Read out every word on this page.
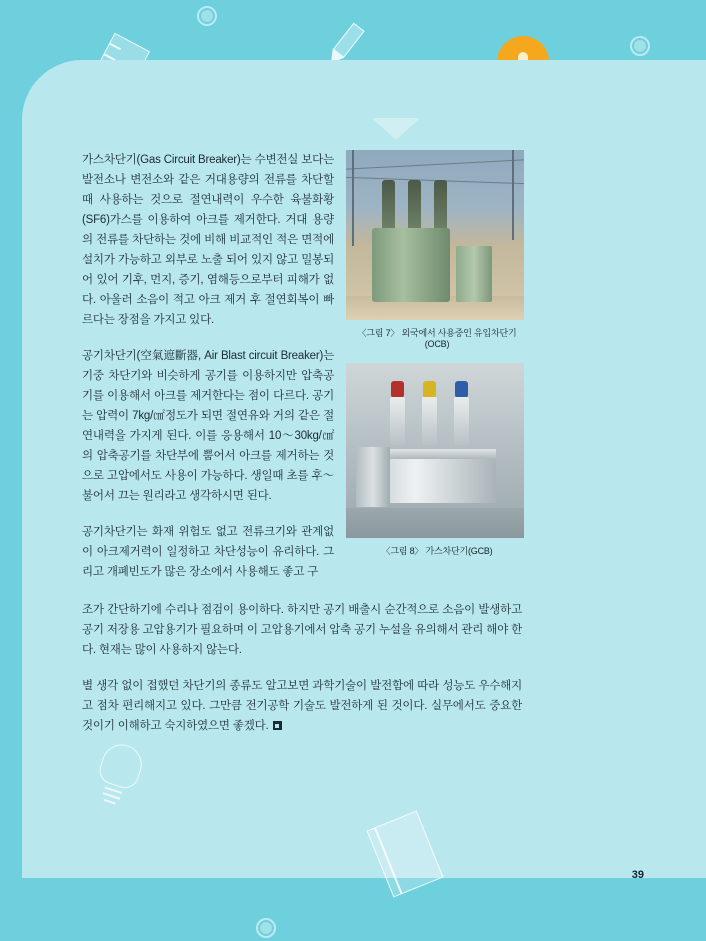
가스차단기(Gas Circuit Breaker)는 수변전실 보다는 발전소나 변전소와 같은 거대용량의 전류를 차단할 때 사용하는 것으로 절연내력이 우수한 육불화황(SF6)가스를 이용하여 아크를 제거한다. 거대 용량의 전류를 차단하는 것에 비해 비교적인 적은 면적에 설치가 가능하고 외부로 노출 되어 있지 않고 밀봉되어 있어 기후, 먼지, 증기, 염해등으로부터 피해가 없다. 아울러 소음이 적고 아크 제거 후 절연회복이 빠르다는 장점을 가지고 있다.

공기차단기(空氣遮斷器, Air Blast circuit Breaker)는 기중 차단기와 비슷하게 공기를 이용하지만 압축공기를 이용해서 아크를 제거한다는 점이 다르다. 공기는 압력이 7kg/㎠정도가 되면 절연유와 거의 같은 절연내력을 가지게 된다. 이를 응용해서 10〜30kg/㎠의 압축공기를 차단부에 뿜어서 아크를 제거하는 것으로 고압에서도 사용이 가능하다. 생일때 초를 후〜 불어서 끄는 원리라고 생각하시면 된다.

공기차단기는 화재 위험도 없고 전류크기와 관계없이 아크제거력이 일정하고 차단성능이 유리하다. 그리고 개폐빈도가 많은 장소에서 사용해도 좋고 구

〈그림 7〉 외국에서 사용중인 유입차단기(OCB)
〈그림 8〉 가스차단기(GCB)

조가 간단하기에 수리나 점검이 용이하다. 하지만 공기 배출시 순간적으로 소음이 발생하고 공기 저장용 고압용기가 필요하며 이 고압용기에서 압축 공기 누설을 유의해서 관리 해야 한다. 현재는 많이 사용하지 않는다.

별 생각 없이 접했던 차단기의 종류도 알고보면 과학기술이 발전함에 따라 성능도 우수해지고 점차 편리해지고 있다. 그만큼 전기공학 기술도 발전하게 된 것이다. 실무에서도 중요한 것이기 이해하고 숙지하였으면 좋겠다.

39
